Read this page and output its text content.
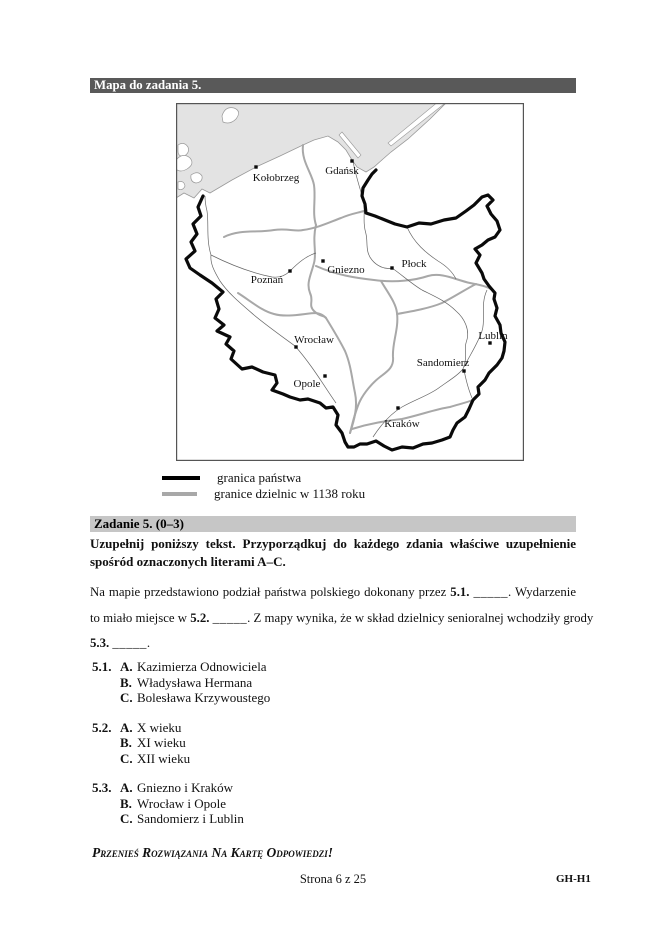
Mapa do zadania 5.
Kołobrzeg
Gdańsk
Poznań
Gniezno	Płock
Wrocław
Opole
Sandomierz
Lublin
Kraków
granica państwa
granice dzielnic w 1138 roku
Zadanie 5. (0–3)
Uzupełnij poniższy tekst. Przyporządkuj do każdego zdania właściwe uzupełnienie
spośród oznaczonych literami A–C.
Na mapie przedstawiono podział państwa polskiego dokonany przez 5.1. _____. Wydarzenie
to miało miejsce w 5.2. _____. Z mapy wynika, że w skład dzielnicy senioralnej wchodziły grody
5.3. _____.
5.1. A. Kazimierza Odnowiciela
B. Władysława Hermana
C. Bolesława Krzywoustego
5.2. A. X wieku
B. XI wieku
C. XII wieku
5.3. A. Gniezno i Kraków
B. Wrocław i Opole
C. Sandomierz i Lublin
Przenieś Rozwiązania Na Kartę Odpowiedzi!
Strona 6 z 25	GH-H1
